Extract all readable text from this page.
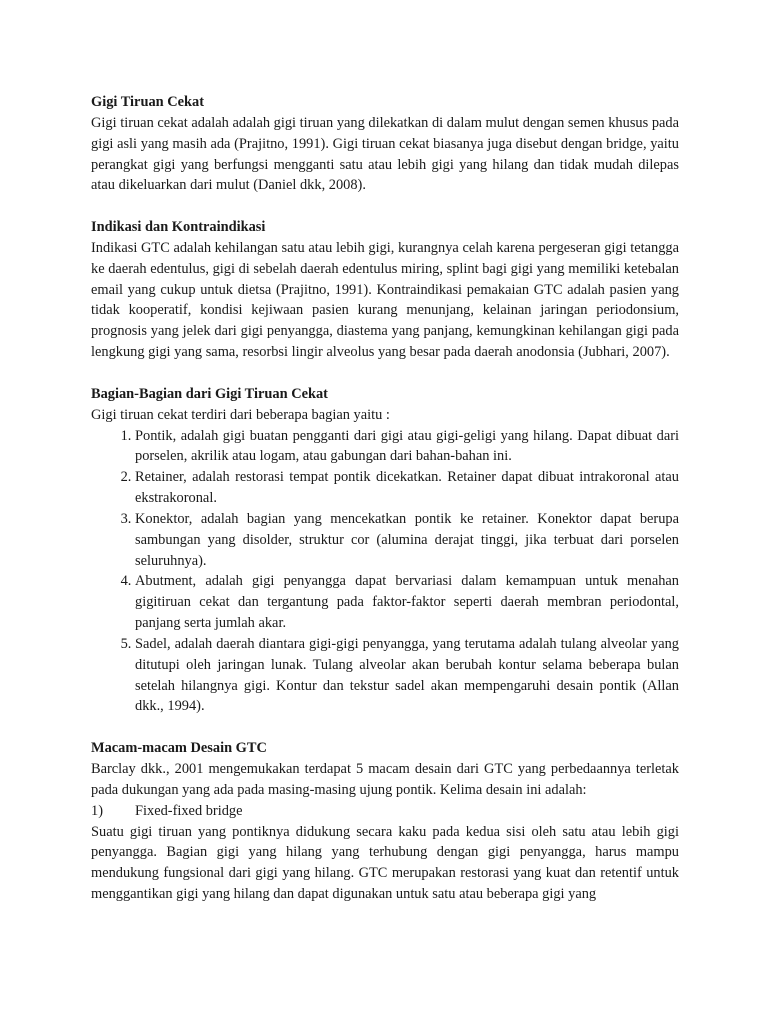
Gigi Tiruan Cekat

Gigi tiruan cekat adalah adalah gigi tiruan yang dilekatkan di dalam mulut dengan semen khusus pada gigi asli yang masih ada (Prajitno, 1991). Gigi tiruan cekat biasanya juga disebut dengan bridge, yaitu perangkat gigi yang berfungsi mengganti satu atau lebih gigi yang hilang dan tidak mudah dilepas atau dikeluarkan dari mulut (Daniel dkk, 2008).

Indikasi dan Kontraindikasi

Indikasi GTC adalah kehilangan satu atau lebih gigi, kurangnya celah karena pergeseran gigi tetangga ke daerah edentulus, gigi di sebelah daerah edentulus miring, splint bagi gigi yang memiliki ketebalan email yang cukup untuk dietsa (Prajitno, 1991). Kontraindikasi pemakaian GTC adalah pasien yang tidak kooperatif, kondisi kejiwaan pasien kurang menunjang, kelainan jaringan periodonsium, prognosis yang jelek dari gigi penyangga, diastema yang panjang, kemungkinan kehilangan gigi pada lengkung gigi yang sama, resorbsi lingir alveolus yang besar pada daerah anodonsia (Jubhari, 2007).

Bagian-Bagian dari Gigi Tiruan Cekat

Gigi tiruan cekat terdiri dari beberapa bagian yaitu :

1. Pontik, adalah gigi buatan pengganti dari gigi atau gigi-geligi yang hilang. Dapat dibuat dari porselen, akrilik atau logam, atau gabungan dari bahan-bahan ini.
2. Retainer, adalah restorasi tempat pontik dicekatkan. Retainer dapat dibuat intrakoronal atau ekstrakoronal.
3. Konektor, adalah bagian yang mencekatkan pontik ke retainer. Konektor dapat berupa sambungan yang disolder, struktur cor (alumina derajat tinggi, jika terbuat dari porselen seluruhnya).
4. Abutment, adalah gigi penyangga dapat bervariasi dalam kemampuan untuk menahan gigitiruan cekat dan tergantung pada faktor-faktor seperti daerah membran periodontal, panjang serta jumlah akar.
5. Sadel, adalah daerah diantara gigi-gigi penyangga, yang terutama adalah tulang alveolar yang ditutupi oleh jaringan lunak. Tulang alveolar akan berubah kontur selama beberapa bulan setelah hilangnya gigi. Kontur dan tekstur sadel akan mempengaruhi desain pontik (Allan dkk., 1994).
Macam-macam Desain GTC

Barclay dkk., 2001 mengemukakan terdapat 5 macam desain dari GTC yang perbedaannya terletak pada dukungan yang ada pada masing-masing ujung pontik. Kelima desain ini adalah:

1)	Fixed-fixed bridge

Suatu gigi tiruan yang pontiknya didukung secara kaku pada kedua sisi oleh satu atau lebih gigi penyangga. Bagian gigi yang hilang yang terhubung dengan gigi penyangga, harus mampu mendukung fungsional dari gigi yang hilang. GTC merupakan restorasi yang kuat dan retentif untuk menggantikan gigi yang hilang dan dapat digunakan untuk satu atau beberapa gigi yang
